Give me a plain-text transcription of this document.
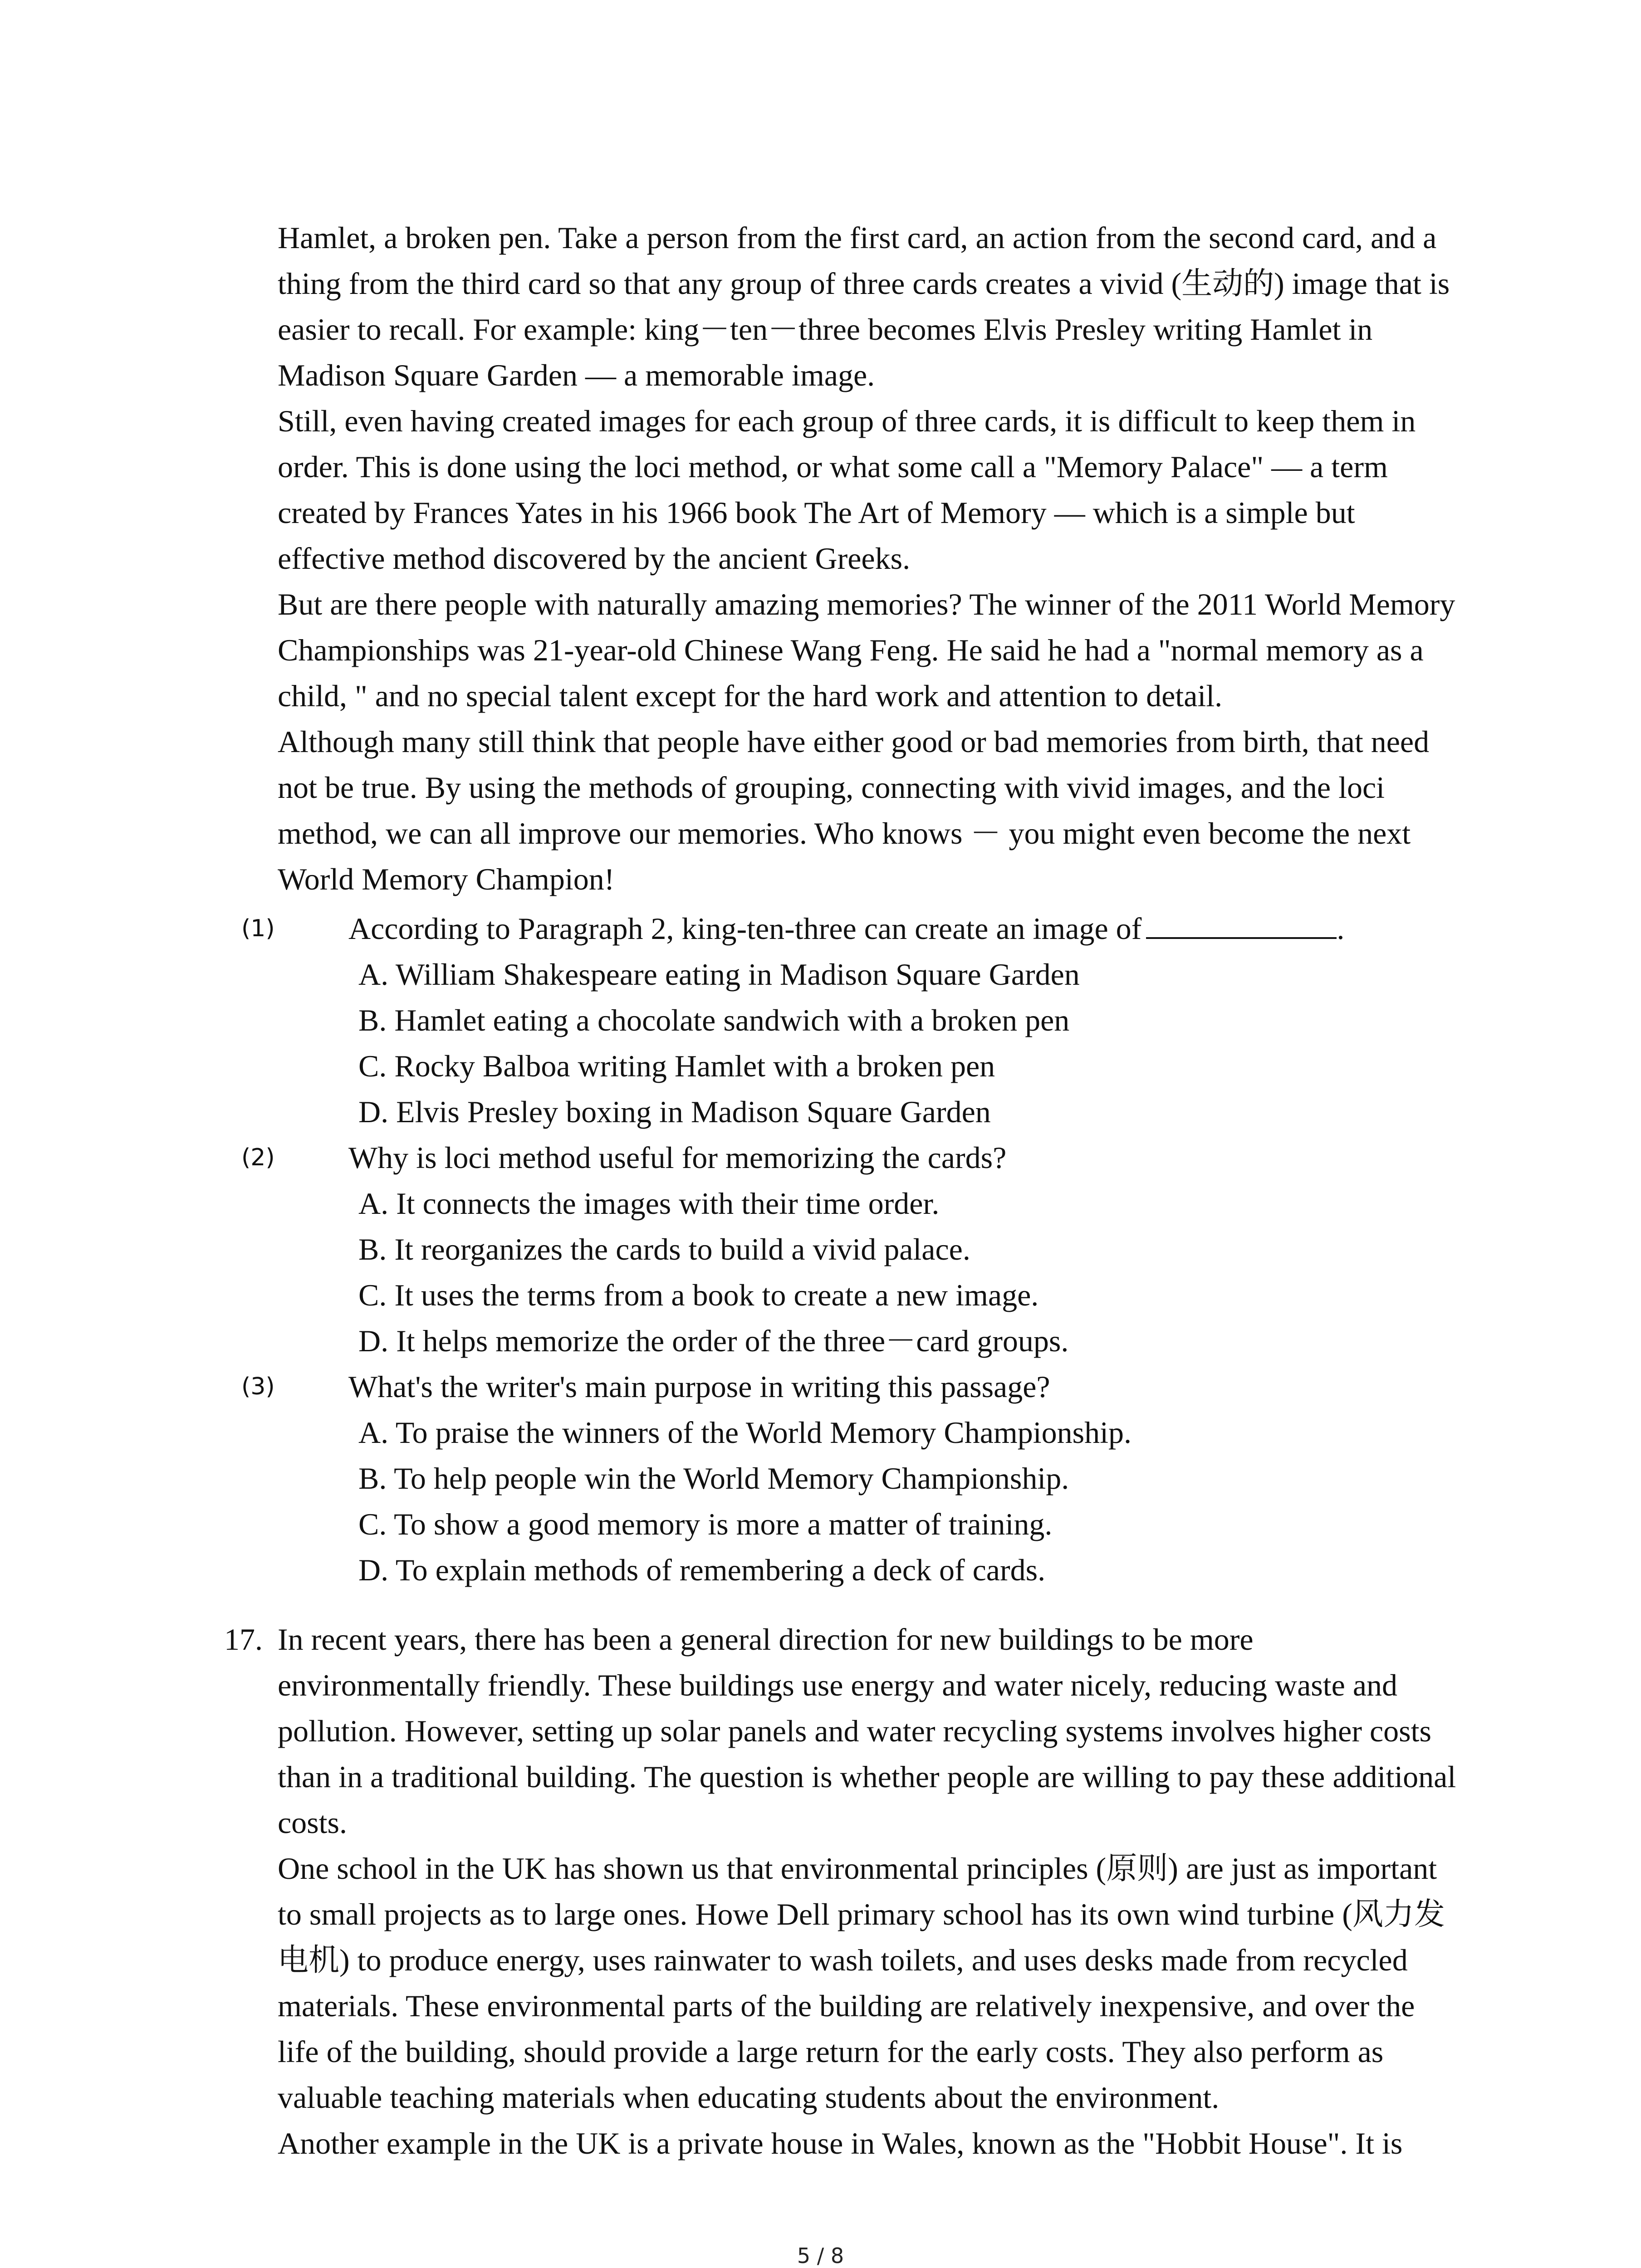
Hamlet, a broken pen. Take a person from the first card, an action from the second card, and a

thing from the third card so that any group of three cards creates a vivid (生动的) image that is

easier to recall. For example: king－ten－three becomes Elvis Presley writing Hamlet in

Madison Square Garden — a memorable image.

Still, even having created images for each group of three cards, it is difficult to keep them in

order. This is done using the loci method, or what some call a "Memory Palace" — a term

created by Frances Yates in his 1966 book The Art of Memory — which is a simple but

effective method discovered by the ancient Greeks.

But are there people with naturally amazing memories? The winner of the 2011 World Memory

Championships was 21-year-old Chinese Wang Feng. He said he had a "normal memory as a

child, " and no special talent except for the hard work and attention to detail.

Although many still think that people have either good or bad memories from birth, that need

not be true. By using the methods of grouping, connecting with vivid images, and the loci

method, we can all improve our memories. Who knows － you might even become the next

World Memory Champion!

(1) According to Paragraph 2, king-ten-three can create an image of	.

A. William Shakespeare eating in Madison Square Garden

B. Hamlet eating a chocolate sandwich with a broken pen

C. Rocky Balboa writing Hamlet with a broken pen

D. Elvis Presley boxing in Madison Square Garden

(2) Why is loci method useful for memorizing the cards?

A. It connects the images with their time order.

B. It reorganizes the cards to build a vivid palace.

C. It uses the terms from a book to create a new image.

D. It helps memorize the order of the three－card groups.

(3) What's the writer's main purpose in writing this passage?

A. To praise the winners of the World Memory Championship.

B. To help people win the World Memory Championship.

C. To show a good memory is more a matter of training.

D. To explain methods of remembering a deck of cards.

17. In recent years, there has been a general direction for new buildings to be more

environmentally friendly. These buildings use energy and water nicely, reducing waste and

pollution. However, setting up solar panels and water recycling systems involves higher costs

than in a traditional building. The question is whether people are willing to pay these additional

costs.

One school in the UK has shown us that environmental principles (原则) are just as important

to small projects as to large ones. Howe Dell primary school has its own wind turbine (风力发

电机) to produce energy, uses rainwater to wash toilets, and uses desks made from recycled

materials. These environmental parts of the building are relatively inexpensive, and over the

life of the building, should provide a large return for the early costs. They also perform as

valuable teaching materials when educating students about the environment.

Another example in the UK is a private house in Wales, known as the "Hobbit House". It is

5 / 8
